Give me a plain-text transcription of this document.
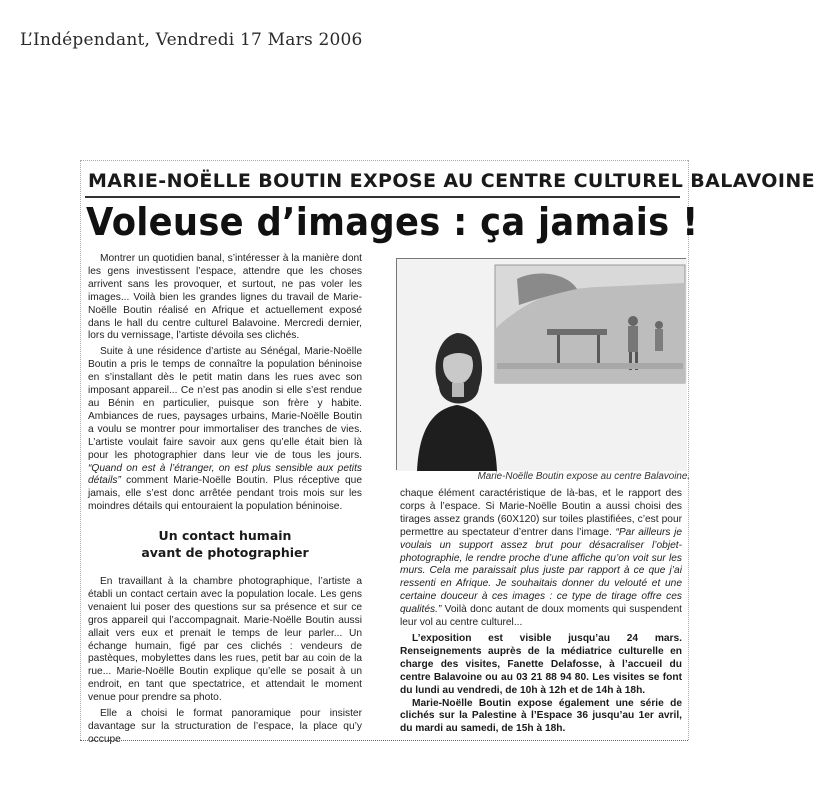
L’Indépendant, Vendredi 17 Mars 2006
MARIE-NOËLLE BOUTIN EXPOSE AU CENTRE CULTUREL BALAVOINE
Voleuse d’images : ça jamais !

Montrer un quotidien banal, s’intéresser à la manière dont les gens investissent l’espace, attendre que les choses arrivent sans les provoquer, et surtout, ne pas voler les images... Voilà bien les grandes lignes du travail de Marie-Noëlle Boutin réalisé en Afrique et actuellement exposé dans le hall du centre culturel Balavoine. Mercredi dernier, lors du vernissage, l’artiste dévoila ses clichés.

Suite à une résidence d’artiste au Sénégal, Marie-Noëlle Boutin a pris le temps de connaître la population béninoise en s’installant dès le petit matin dans les rues avec son imposant appareil... Ce n’est pas anodin si elle s’est rendue au Bénin en particulier, puisque son frère y habite. Ambiances de rues, paysages urbains, Marie-Noëlle Boutin a voulu se montrer pour immortaliser des tranches de vies. L’artiste voulait faire savoir aux gens qu’elle était bien là pour les photographier dans leur vie de tous les jours. “Quand on est à l’étranger, on est plus sensible aux petits détails” comment Marie-Noëlle Boutin. Plus réceptive que jamais, elle s’est donc arrêtée pendant trois mois sur les moindres détails qui entouraient la population béninoise.

Un contact humain
avant de photographier

En travaillant à la chambre photographique, l’artiste a établi un contact certain avec la population locale. Les gens venaient lui poser des questions sur sa présence et sur ce gros appareil qui l’accompagnait. Marie-Noëlle Boutin aussi allait vers eux et prenait le temps de leur parler... Un échange humain, figé par ces clichés : vendeurs de pastèques, mobylettes dans les rues, petit bar au coin de la rue... Marie-Noëlle Boutin explique qu’elle se posait à un endroit, en tant que spectatrice, et attendait le moment venue pour prendre sa photo.

Elle a choisi le format panoramique pour insister davantage sur la structuration de l’espace, la place qu’y occupe

Marie-Noëlle Boutin expose au centre Balavoine.

chaque élément caractéristique de là-bas, et le rapport des corps à l’espace. Si Marie-Noëlle Boutin a aussi choisi des tirages assez grands (60X120) sur toiles plastifiées, c’est pour permettre au spectateur d’entrer dans l’image. “Par ailleurs je voulais un support assez brut pour désacraliser l’objet-photographie, le rendre proche d’une affiche qu’on voit sur les murs. Cela me paraissait plus juste par rapport à ce que j’ai ressenti en Afrique. Je souhaitais donner du velouté et une certaine douceur à ces images : ce type de tirage offre ces qualités.” Voilà donc autant de doux moments qui suspendent leur vol au centre culturel...

L’exposition est visible jusqu’au 24 mars. Renseignements auprès de la médiatrice culturelle en charge des visites, Fanette Delafosse, à l’accueil du centre Balavoine ou au 03 21 88 94 80. Les visites se font du lundi au vendredi, de 10h à 12h et de 14h à 18h.

Marie-Noëlle Boutin expose également une série de clichés sur la Palestine à l’Espace 36 jusqu’au 1er avril, du mardi au samedi, de 15h à 18h.
